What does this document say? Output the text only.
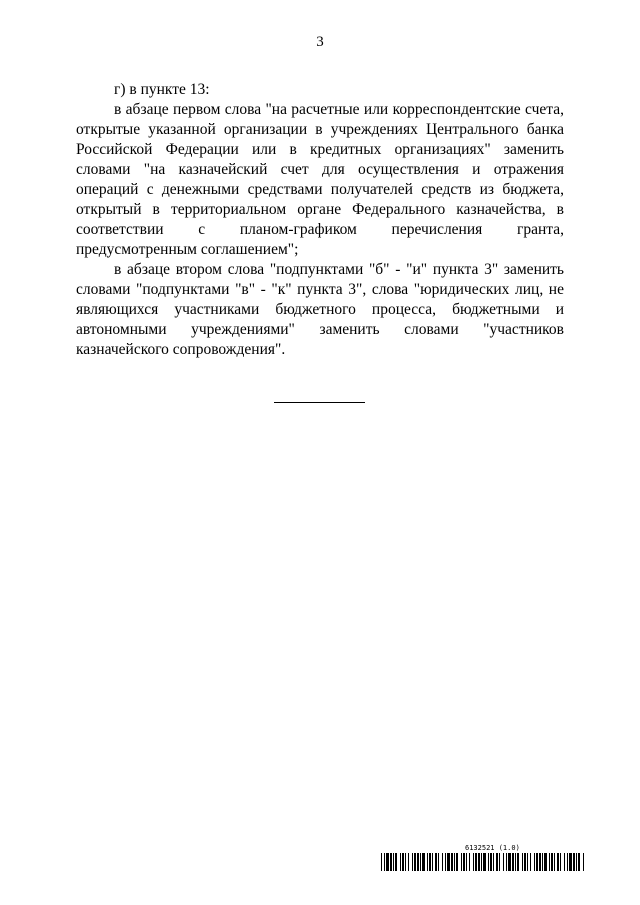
3

г) в пункте 13:

в абзаце первом слова "на расчетные или корреспондентские счета, открытые указанной организации в учреждениях Центрального банка Российской Федерации или в кредитных организациях" заменить словами "на казначейский счет для осуществления и отражения операций с денежными средствами получателей средств из бюджета, открытый в территориальном органе Федерального казначейства, в соответствии с планом-графиком перечисления гранта, предусмотренным соглашением";

в абзаце втором слова "подпунктами "б" - "и" пункта 3" заменить словами "подпунктами "в" - "к" пункта 3", слова "юридических лиц, не являющихся участниками бюджетного процесса, бюджетными и автономными учреждениями" заменить словами "участников казначейского сопровождения".

6132521 (1.0)
